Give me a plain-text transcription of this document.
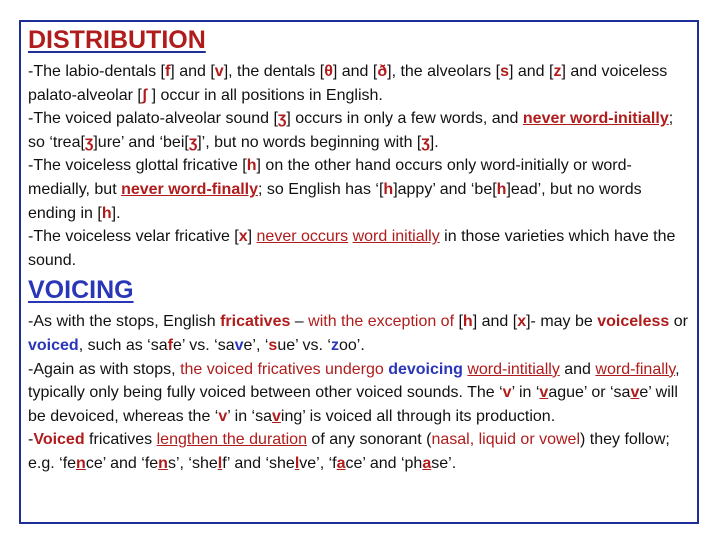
DISTRIBUTION

-The labio-dentals [f] and [v], the dentals [θ] and [ð], the alveolars [s] and [z] and voiceless palato-alveolar [ʃ ] occur in all positions in English.

-The voiced palato-alveolar sound [ʒ] occurs in only a few words, and never word-initially; so ‘trea[ʒ]ure’ and ‘bei[ʒ]’, but no words beginning with [ʒ].

-The voiceless glottal fricative [h] on the other hand occurs only word-initially or word-medially, but never word-finally; so English has ‘[h]appy’ and ‘be[h]ead’, but no words ending in [h].

-The voiceless velar fricative [x] never occurs word initially in those varieties which have the sound.

VOICING

-As with the stops, English fricatives – with the exception of [h] and [x]- may be voiceless or voiced, such as ‘safe’ vs. ‘save’, ‘sue’ vs. ‘zoo’.

-Again as with stops, the voiced fricatives undergo devoicing word-intitially and word-finally, typically only being fully voiced between other voiced sounds. The ‘v’ in ‘vague’ or ‘save’ will be devoiced, whereas the ‘v’ in ‘saving’ is voiced all through its production.

-Voiced fricatives lengthen the duration of any sonorant (nasal, liquid or vowel) they follow; e.g. ‘fence’ and ‘fens’, ‘shelf’ and ‘shelve’, ‘face’ and ‘phase’.
